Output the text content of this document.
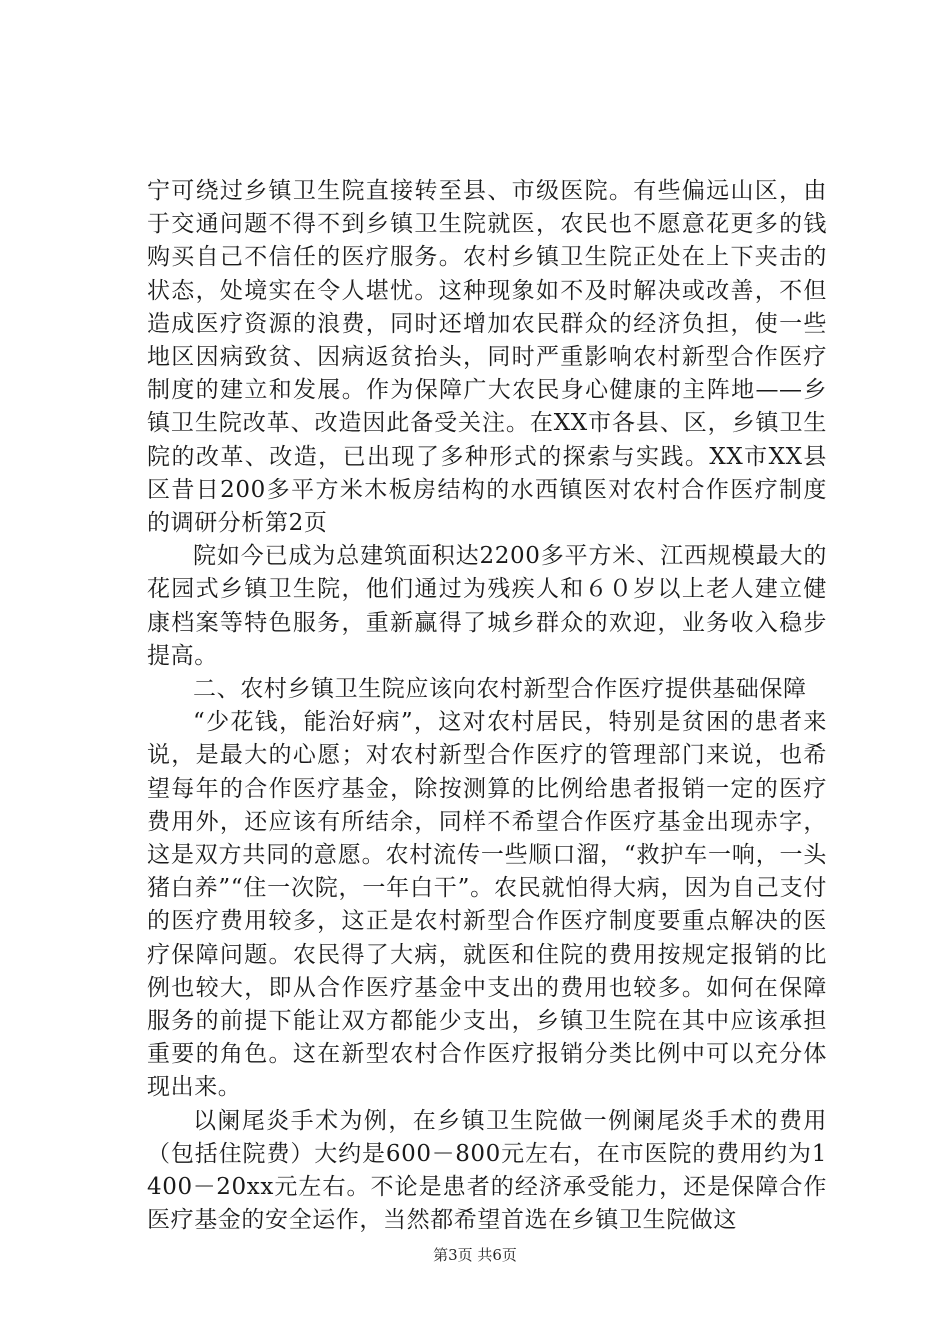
宁可绕过乡镇卫生院直接转至县、市级医院。有些偏远山区，由于交通问题不得不到乡镇卫生院就医，农民也不愿意花更多的钱购买自己不信任的医疗服务。农村乡镇卫生院正处在上下夹击的状态，处境实在令人堪忧。这种现象如不及时解决或改善，不但造成医疗资源的浪费，同时还增加农民群众的经济负担，使一些地区因病致贫、因病返贫抬头，同时严重影响农村新型合作医疗制度的建立和发展。作为保障广大农民身心健康的主阵地——乡镇卫生院改革、改造因此备受关注。在XX市各县、区，乡镇卫生院的改革、改造，已出现了多种形式的探索与实践。XX市XX县区昔日200多平方米木板房结构的水西镇医对农村合作医疗制度的调研分析第2页

院如今已成为总建筑面积达2200多平方米、江西规模最大的花园式乡镇卫生院，他们通过为残疾人和６０岁以上老人建立健康档案等特色服务，重新赢得了城乡群众的欢迎，业务收入稳步提高。

二、农村乡镇卫生院应该向农村新型合作医疗提供基础保障

“少花钱，能治好病”，这对农村居民，特别是贫困的患者来说，是最大的心愿；对农村新型合作医疗的管理部门来说，也希望每年的合作医疗基金，除按测算的比例给患者报销一定的医疗费用外，还应该有所结余，同样不希望合作医疗基金出现赤字，这是双方共同的意愿。农村流传一些顺口溜，“救护车一响，一头猪白养”“住一次院，一年白干”。农民就怕得大病，因为自己支付的医疗费用较多，这正是农村新型合作医疗制度要重点解决的医疗保障问题。农民得了大病，就医和住院的费用按规定报销的比例也较大，即从合作医疗基金中支出的费用也较多。如何在保障服务的前提下能让双方都能少支出，乡镇卫生院在其中应该承担重要的角色。这在新型农村合作医疗报销分类比例中可以充分体现出来。

以阑尾炎手术为例，在乡镇卫生院做一例阑尾炎手术的费用（包括住院费）大约是600－800元左右，在市医院的费用约为1400－20xx元左右。不论是患者的经济承受能力，还是保障合作医疗基金的安全运作，当然都希望首选在乡镇卫生院做这

第3页 共6页
